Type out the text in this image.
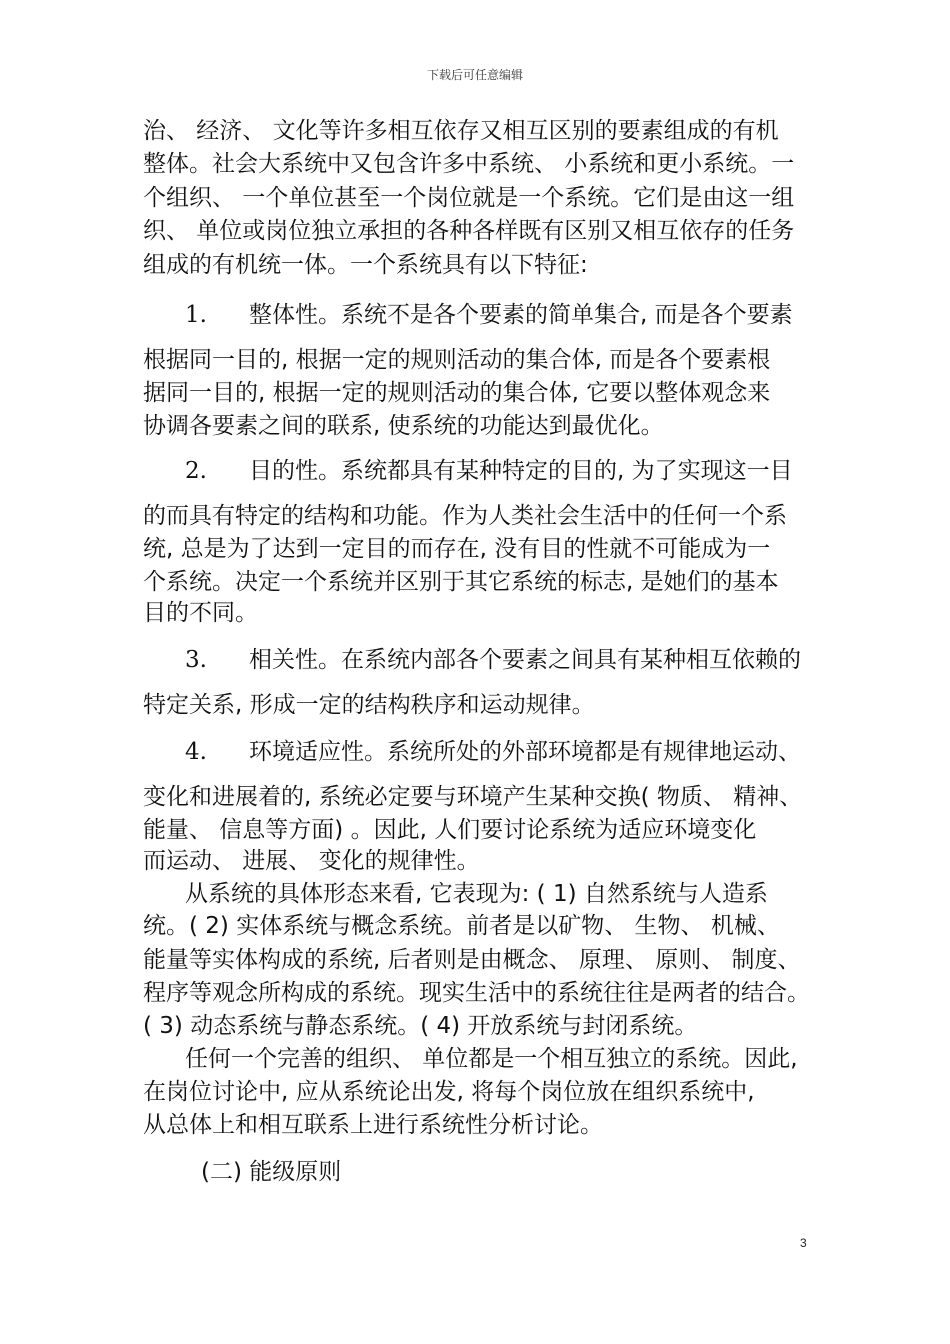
下载后可任意编辑
治、 经济、 文化等许多相互依存又相互区别的要素组成的有机
整体。社会大系统中又包含许多中系统、 小系统和更小系统。一
个组织、 一个单位甚至一个岗位就是一个系统。它们是由这一组
织、 单位或岗位独立承担的各种各样既有区别又相互依存的任务
组成的有机统一体。一个系统具有以下特征:
1. 整体性。系统不是各个要素的简单集合, 而是各个要素
根据同一目的, 根据一定的规则活动的集合体, 而是各个要素根
据同一目的, 根据一定的规则活动的集合体, 它要以整体观念来
协调各要素之间的联系, 使系统的功能达到最优化。
2. 目的性。系统都具有某种特定的目的, 为了实现这一目
的而具有特定的结构和功能。作为人类社会生活中的任何一个系
统, 总是为了达到一定目的而存在, 没有目的性就不可能成为一
个系统。决定一个系统并区别于其它系统的标志, 是她们的基本
目的不同。
3. 相关性。在系统内部各个要素之间具有某种相互依赖的
特定关系, 形成一定的结构秩序和运动规律。
4. 环境适应性。系统所处的外部环境都是有规律地运动、
变化和进展着的, 系统必定要与环境产生某种交换( 物质、 精神、
能量、 信息等方面) 。因此, 人们要讨论系统为适应环境变化
而运动、 进展、 变化的规律性。
从系统的具体形态来看, 它表现为: ( 1) 自然系统与人造系
统。( 2) 实体系统与概念系统。前者是以矿物、 生物、 机械、
能量等实体构成的系统, 后者则是由概念、 原理、 原则、 制度、
程序等观念所构成的系统。现实生活中的系统往往是两者的结合。
( 3) 动态系统与静态系统。( 4) 开放系统与封闭系统。
任何一个完善的组织、 单位都是一个相互独立的系统。因此,
在岗位讨论中, 应从系统论出发, 将每个岗位放在组织系统中,
从总体上和相互联系上进行系统性分析讨论。
(二) 能级原则
3
